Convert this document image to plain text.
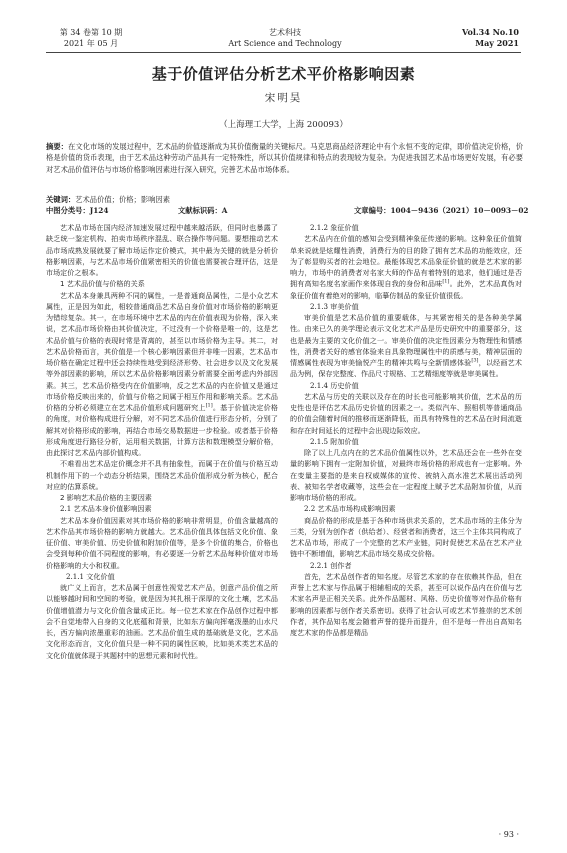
第 34 卷第 10 期
2021 年 05 月
艺术科技
Art Science and Technology
Vol.34 No.10
May 2021
基于价值评估分析艺术平价格影响因素
宋明昊
（上海理工大学，上海 200093）
摘要：在文化市场的发展过程中，艺术品的价值逐渐成为其价值衡量的关键标尺。马克思商品经济理论中有个永恒不变的定律，即价值决定价格，价格是价值的货币表现，由于艺术品这种劳动产品具有一定特殊性，所以其价值规律和特点的表现较为复杂。为促进我国艺术品市场更好发展，有必要对艺术品价值评估与市场价格影响因素进行深入研究，完善艺术品市场体系。
关键词：艺术品价值；价格；影响因素
中图分类号：J124	文献标识码：A	文章编号：1004－9436（2021）10－0093－02

艺术品市场在国内经济加速发展过程中越来越活跃，但同时也暴露了缺乏统一鉴定机构、拍卖市场秩序混乱、联合操作等问题。要想推动艺术品市场成熟发展就要了解市场运作定价模式，其中最为关键的就是分析价格影响因素，与艺术品市场价值紧密相关的价值也需要被合理评估，这是市场定价之根本。

1 艺术品价值与价格的关系

艺术品本身兼具两种不同的属性，一是普通商品属性，二是小众艺术属性，正是因为如此，相较普通商品艺术品自身价值对市场价格的影响更为错综复杂。其一，在市场环境中艺术品的内在价值表现为价格，深入来说，艺术品市场价格由其价值决定，不过没有一个价格是唯一的，这是艺术品价值与价格的表现时常是背离的，甚至以市场价格为主导。其二，对艺术品价格而言，其价值是一个核心影响因素但并非唯一因素，艺术品市场价格在确定过程中还会持续性地受到经济形势、社会进步以及文化发展等外部因素的影响，所以艺术品价格影响因素分析需要全面考虑内外部因素。其三，艺术品价格受内在价值影响，反之艺术品的内在价值又是通过市场价格反映出来的，价值与价格之间属于相互作用和影响关系。艺术品价格的分析必须建立在艺术品价值形成问题研究上[1]。基于价值决定价格的角度，对价格构成进行分解，对不同艺术品价值进行形态分析，分别了解其对价格形成的影响，再结合市场交易数据进一步检验。或者基于价格形成角度进行路径分析，运用相关数据，计算方法和数理模型分解价格，由此探讨艺术品内部价值构成。

不难看出艺术品定价概念并不具有抽象性，而属于在价值与价格互动机制作用下的一个动态分析结果，围绕艺术品价值形成分析为核心，配合对应的估算系统。

2 影响艺术品价格的主要因素

2.1 艺术品本身价值影响因素

艺术品本身价值因素对其市场价格的影响非常明显，价值含量越高的艺术作品其市场价格的影响力就越大。艺术品价值具体包括文化价值、象征价值、审美价值、历史价值和附加价值等，是多个价值的集合，价格也会受到每种价值不同程度的影响，有必要逐一分析艺术品每种价值对市场价格影响的大小和权重。

2.1.1 文化价值

就广义上而言，艺术品属于创意性视觉艺术产品，创意产品价值之所以能够越时间和空间的考验，就是因为其扎根于深厚的文化土壤，艺术品价值增值潜力与文化价值含量成正比。每一位艺术家在作品创作过程中都会不自觉地带入自身的文化底蕴和背景，比如东方偏向挥毫泼墨的山水尺长，西方偏向浓墨重彩的油画。艺术品价值生成的基础就是文化，艺术品文化形态而言，文化价值只是一种不同的属性区映，比如美术类艺术品的文化价值就体现于其题材中的思想元素和时代性。

2.1.2 象征价值

艺术品内在价值的感知会受到精神象征传递的影响。这种象征价值简单来说就是炫耀性消费，消费行为的目的除了拥有艺术品的功能效应，还为了彰显购买者的社会地位。最能体现艺术品象征价值的就是艺术家的影响力，市场中的消费者对名家大师的作品有着特别的追求，他们通过是否拥有高知名度名家画作来体现自我的身份和品味[1]。此外，艺术品真伪对象征价值有着绝对的影响，临摹仿制品的象征价值很低。

2.1.3 审美价值

审美价值是艺术品价值的重要载体，与其紧密相关的是各种美学属性。由来已久的美学理论表示文化艺术产品是历史研究中的重要部分，这也是最为主要的文化价值之一。审美价值的决定性因素分为物理性和情感性，消费者关好的感官体验来自具象物理属性中的质感与美，精神层面的情感属性表现为审美愉悦产生的精神共鸣与全新情感体验[3]，以经画艺术品为例，保存完整度、作品尺寸规格、工艺精细度等就是审美属性。

2.1.4 历史价值

艺术品与历史的关联以及存在的时长也可能影响其价值，艺术品的历史性也是评估艺术品历史价值的因素之一。类似汽车、照相机等普通商品的价值会随着时间的推移而逐渐降低，而具有特殊性的艺术品在时间流逝和存在时间延长的过程中会出现边际效应。

2.1.5 附加价值

除了以上几点内在的艺术品价值属性以外，艺术品还会在一些外在变量的影响下拥有一定附加价值，对最终市场价格的形成也有一定影响。外在变量主要指的是来自权威媒体的宣传、被纳入高水准艺术展出活动列表、被知名学者收藏等，这些会在一定程度上赋予艺术品附加价值，从而影响市场价格的形成。

2.2 艺术品市场构成影响因素

商品价格的形成是基于各种市场供求关系的，艺术品市场的主体分为三类，分别为创作者（供给者）、经营者和消费者，这三个主体共同构成了艺术品市场，形成了一个完整的艺术产业链，同时促使艺术品在艺术产业链中不断增值，影响艺术品市场交易成交价格。

2.2.1 创作者

首先，艺术品创作者的知名度。尽管艺术家的存在依赖其作品，但在声誉上艺术家与作品属于相辅相成的关系，甚至可以说作品内在价值与艺术家名声是正相关关系。此外作品题材、风格、历史价值等对作品价格有影响的因素都与创作者关系密切。获得了社会认可或艺术节推崇的艺术创作者，其作品知名度会随着声誉的提升而提升，但不是每一件出自高知名度艺术家的作品都是精品

· 93 ·
